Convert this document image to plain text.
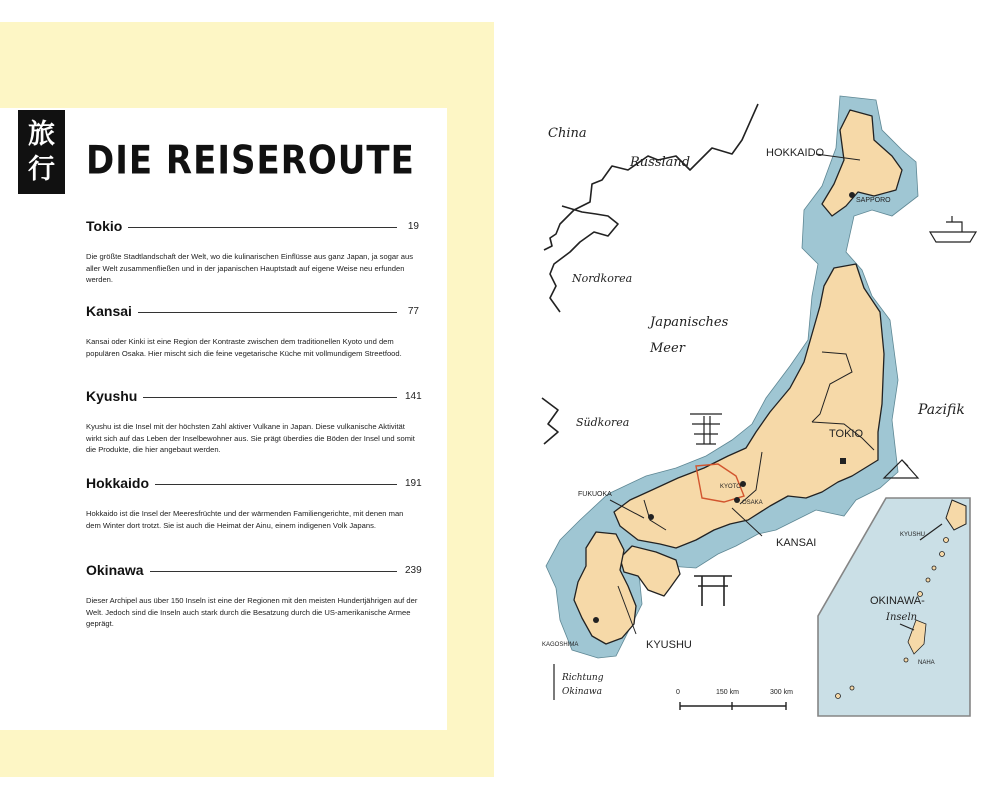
旅
行 DIE REISEROUTE
Tokio	19

Die größte Stadtlandschaft der Welt, wo die kulinarischen Einflüsse aus ganz Japan, ja sogar aus aller Welt zusammenfließen und in der japanischen Hauptstadt auf eigene Weise neu erfunden werden.

Kansai	77

Kansai oder Kinki ist eine Region der Kontraste zwischen dem traditionellen Kyoto und dem populären Osaka. Hier mischt sich die feine vegetarische Küche mit vollmundigem Streetfood.

Kyushu	141

Kyushu ist die Insel mit der höchsten Zahl aktiver Vulkane in Japan. Diese vulkanische Aktivität wirkt sich auf das Leben der Inselbewohner aus. Sie prägt überdies die Böden der Insel und somit die Produkte, die hier angebaut werden.

Hokkaido	191

Hokkaido ist die Insel der Meeresfrüchte und der wärmenden Familiengerichte, mit denen man dem Winter dort trotzt. Sie ist auch die Heimat der Ainu, einem indigenen Volk Japans.

Okinawa	239

Dieser Archipel aus über 150 Inseln ist eine der Regionen mit den meisten Hundertjährigen auf der Welt. Jedoch sind die Inseln auch stark durch die Besatzung durch die US-amerikanische Armee geprägt.

China
Russland
Nordkorea
Südkorea
Japanisches
Meer
Pazifik
HOKKAIDO
TOKIO
KANSAI
KYUSHU
SAPPORO
KYOTO
OSAKA
FUKUOKA
KAGOSHIMA
KYUSHU
OKINAWA-
Inseln
NAHA
Richtung
Okinawa	0	150 km	300 km
